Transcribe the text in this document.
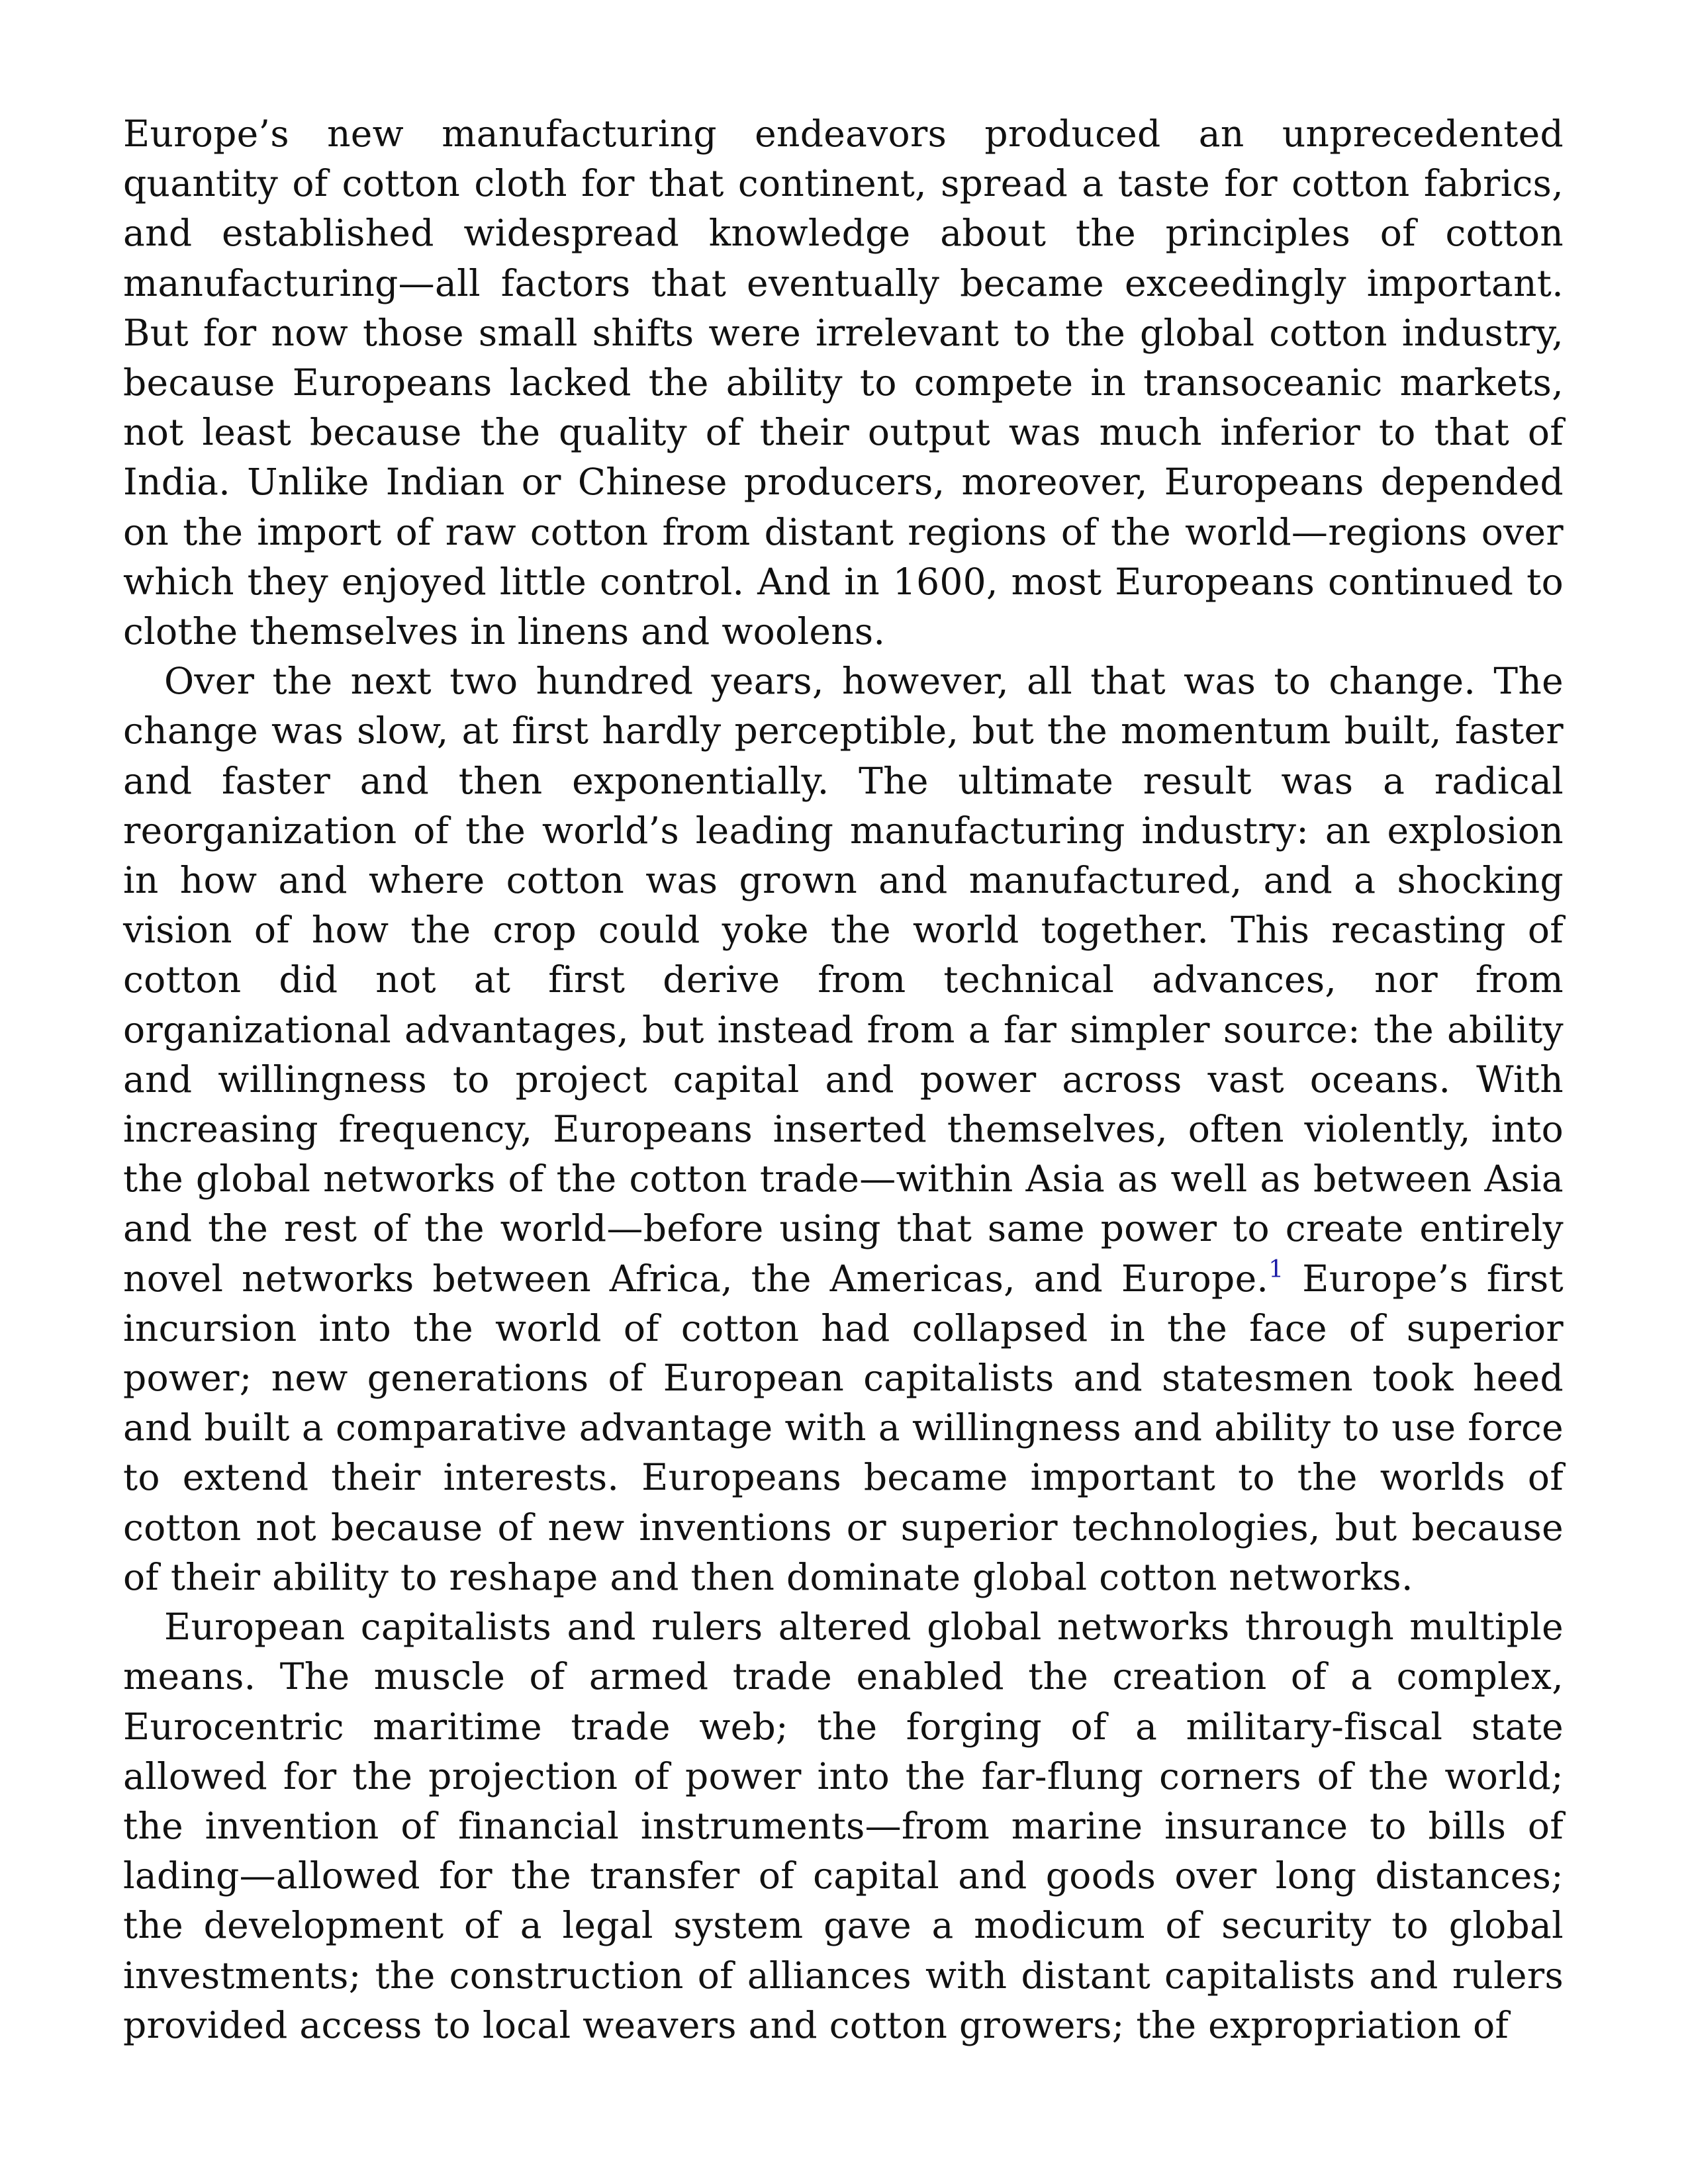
Europe’s new manufacturing endeavors produced an unprecedented quantity of cotton cloth for that continent, spread a taste for cotton fabrics, and established widespread knowledge about the principles of cotton manufacturing—all factors that eventually became exceedingly important. But for now those small shifts were irrelevant to the global cotton industry, because Europeans lacked the ability to compete in transoceanic markets, not least because the quality of their output was much inferior to that of India. Unlike Indian or Chinese producers, moreover, Europeans depended on the import of raw cotton from distant regions of the world—regions over which they enjoyed little control. And in 1600, most Europeans continued to clothe themselves in linens and woolens.

Over the next two hundred years, however, all that was to change. The change was slow, at first hardly perceptible, but the momentum built, faster and faster and then exponentially. The ultimate result was a radical reorganization of the world’s leading manufacturing industry: an explosion in how and where cotton was grown and manufactured, and a shocking vision of how the crop could yoke the world together. This recasting of cotton did not at first derive from technical advances, nor from organizational advantages, but instead from a far simpler source: the ability and willingness to project capital and power across vast oceans. With increasing frequency, Europeans inserted themselves, often violently, into the global networks of the cotton trade—within Asia as well as between Asia and the rest of the world—before using that same power to create entirely novel networks between Africa, the Americas, and Europe.$^1$ Europe’s first incursion into the world of cotton had collapsed in the face of superior power; new generations of European capitalists and statesmen took heed and built a comparative advantage with a willingness and ability to use force to extend their interests. Europeans became important to the worlds of cotton not because of new inventions or superior technologies, but because of their ability to reshape and then dominate global cotton networks.

European capitalists and rulers altered global networks through multiple means. The muscle of armed trade enabled the creation of a complex, Eurocentric maritime trade web; the forging of a military-fiscal state allowed for the projection of power into the far-flung corners of the world; the invention of financial instruments—from marine insurance to bills of lading—allowed for the transfer of capital and goods over long distances; the development of a legal system gave a modicum of security to global investments; the construction of alliances with distant capitalists and rulers provided access to local weavers and cotton growers; the expropriation of
